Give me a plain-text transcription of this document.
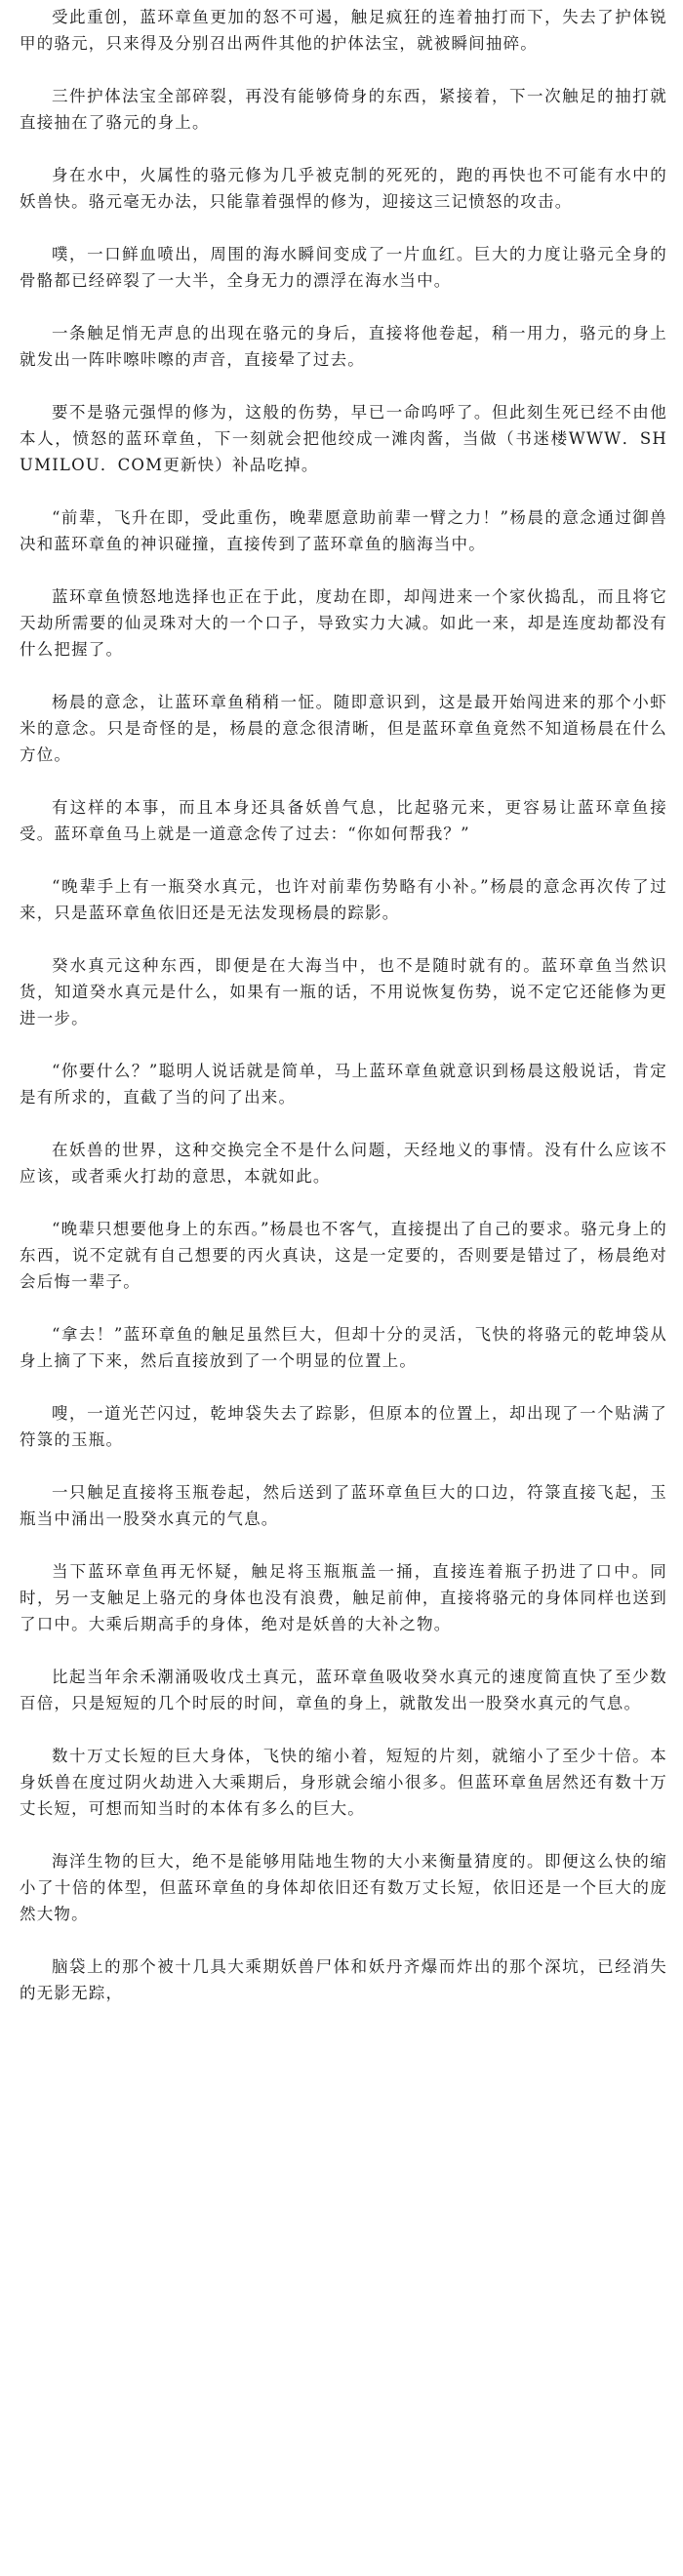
受此重创，蓝环章鱼更加的怒不可遏，触足疯狂的连着抽打而下，失去了护体锐甲的骆元，只来得及分别召出两件其他的护体法宝，就被瞬间抽碎。

三件护体法宝全部碎裂，再没有能够倚身的东西，紧接着，下一次触足的抽打就直接抽在了骆元的身上。

身在水中，火属性的骆元修为几乎被克制的死死的，跑的再快也不可能有水中的妖兽快。骆元毫无办法，只能靠着强悍的修为，迎接这三记愤怒的攻击。

噗，一口鲜血喷出，周围的海水瞬间变成了一片血红。巨大的力度让骆元全身的骨骼都已经碎裂了一大半，全身无力的漂浮在海水当中。

一条触足悄无声息的出现在骆元的身后，直接将他卷起，稍一用力，骆元的身上就发出一阵咔嚓咔嚓的声音，直接晕了过去。

要不是骆元强悍的修为，这般的伤势，早已一命呜呼了。但此刻生死已经不由他本人，愤怒的蓝环章鱼，下一刻就会把他绞成一滩肉酱，当做（书迷楼WWW．SHUMILOU．COM更新快）补品吃掉。

“前辈，飞升在即，受此重伤，晚辈愿意助前辈一臂之力！”杨晨的意念通过御兽决和蓝环章鱼的神识碰撞，直接传到了蓝环章鱼的脑海当中。

蓝环章鱼愤怒地选择也正在于此，度劫在即，却闯进来一个家伙捣乱，而且将它天劫所需要的仙灵珠对大的一个口子，导致实力大减。如此一来，却是连度劫都没有什么把握了。

杨晨的意念，让蓝环章鱼稍稍一怔。随即意识到，这是最开始闯进来的那个小虾米的意念。只是奇怪的是，杨晨的意念很清晰，但是蓝环章鱼竟然不知道杨晨在什么方位。

有这样的本事，而且本身还具备妖兽气息，比起骆元来，更容易让蓝环章鱼接受。蓝环章鱼马上就是一道意念传了过去：“你如何帮我？”

“晚辈手上有一瓶癸水真元，也许对前辈伤势略有小补。”杨晨的意念再次传了过来，只是蓝环章鱼依旧还是无法发现杨晨的踪影。

癸水真元这种东西，即便是在大海当中，也不是随时就有的。蓝环章鱼当然识货，知道癸水真元是什么，如果有一瓶的话，不用说恢复伤势，说不定它还能修为更进一步。

“你要什么？”聪明人说话就是简单，马上蓝环章鱼就意识到杨晨这般说话，肯定是有所求的，直截了当的问了出来。

在妖兽的世界，这种交换完全不是什么问题，天经地义的事情。没有什么应该不应该，或者乘火打劫的意思，本就如此。

“晚辈只想要他身上的东西。”杨晨也不客气，直接提出了自己的要求。骆元身上的东西，说不定就有自己想要的丙火真诀，这是一定要的，否则要是错过了，杨晨绝对会后悔一辈子。

“拿去！”蓝环章鱼的触足虽然巨大，但却十分的灵活，飞快的将骆元的乾坤袋从身上摘了下来，然后直接放到了一个明显的位置上。

嗖，一道光芒闪过，乾坤袋失去了踪影，但原本的位置上，却出现了一个贴满了符箓的玉瓶。

一只触足直接将玉瓶卷起，然后送到了蓝环章鱼巨大的口边，符箓直接飞起，玉瓶当中涌出一股癸水真元的气息。

当下蓝环章鱼再无怀疑，触足将玉瓶瓶盖一捅，直接连着瓶子扔进了口中。同时，另一支触足上骆元的身体也没有浪费，触足前伸，直接将骆元的身体同样也送到了口中。大乘后期高手的身体，绝对是妖兽的大补之物。

比起当年余禾潮涌吸收戊土真元，蓝环章鱼吸收癸水真元的速度简直快了至少数百倍，只是短短的几个时辰的时间，章鱼的身上，就散发出一股癸水真元的气息。

数十万丈长短的巨大身体，飞快的缩小着，短短的片刻，就缩小了至少十倍。本身妖兽在度过阴火劫进入大乘期后，身形就会缩小很多。但蓝环章鱼居然还有数十万丈长短，可想而知当时的本体有多么的巨大。

海洋生物的巨大，绝不是能够用陆地生物的大小来衡量猜度的。即便这么快的缩小了十倍的体型，但蓝环章鱼的身体却依旧还有数万丈长短，依旧还是一个巨大的庞然大物。

脑袋上的那个被十几具大乘期妖兽尸体和妖丹齐爆而炸出的那个深坑，已经消失的无影无踪，
